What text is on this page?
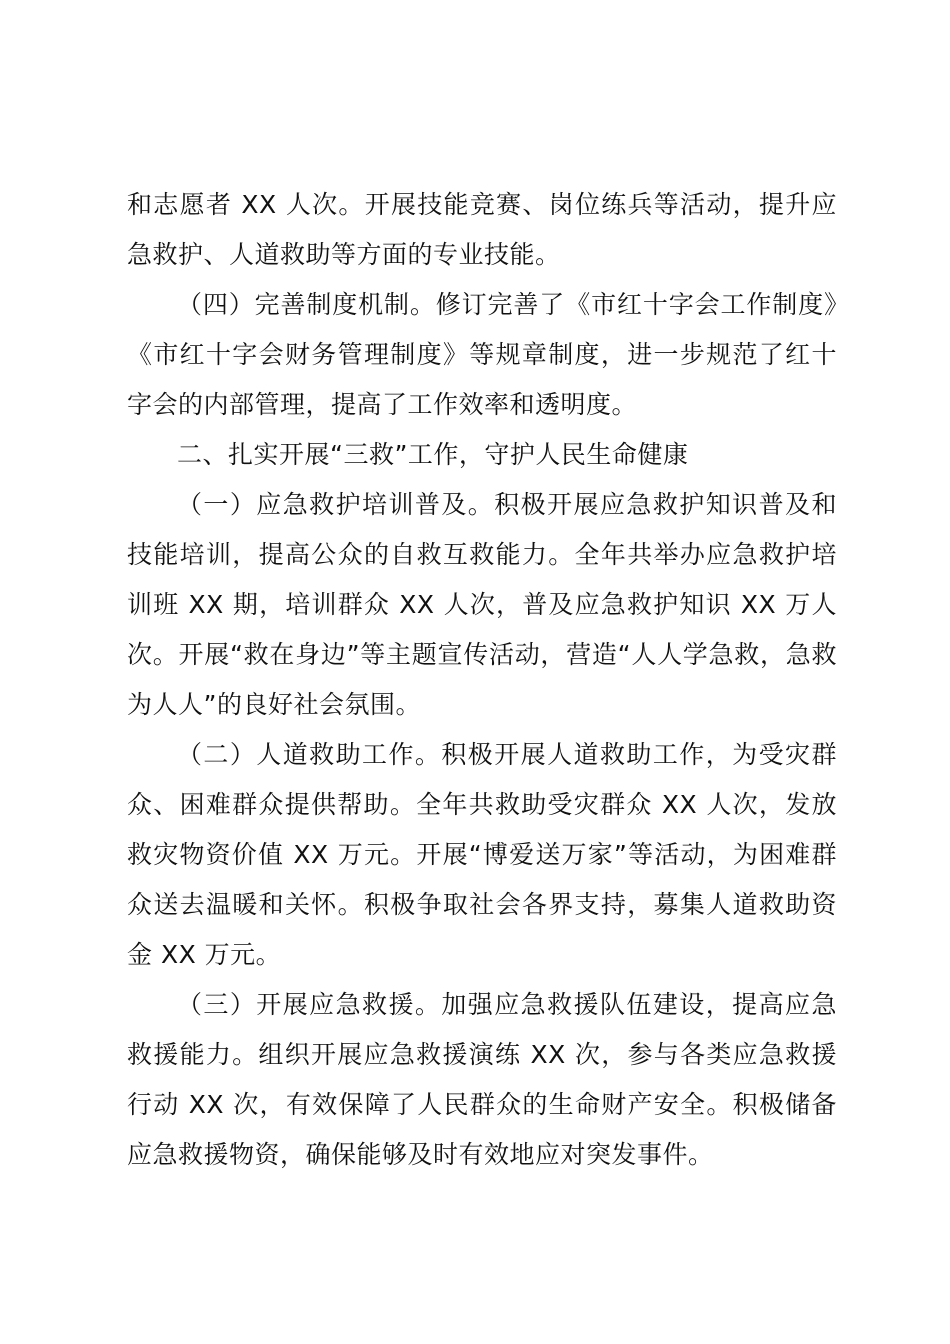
和志愿者 XX 人次。开展技能竞赛、岗位练兵等活动，提升应急救护、人道救助等方面的专业技能。

（四）完善制度机制。修订完善了《市红十字会工作制度》《市红十字会财务管理制度》等规章制度，进一步规范了红十字会的内部管理，提高了工作效率和透明度。

二、扎实开展“三救”工作，守护人民生命健康

（一）应急救护培训普及。积极开展应急救护知识普及和技能培训，提高公众的自救互救能力。全年共举办应急救护培训班 XX 期，培训群众 XX 人次，普及应急救护知识 XX 万人次。开展“救在身边”等主题宣传活动，营造“人人学急救，急救为人人”的良好社会氛围。

（二）人道救助工作。积极开展人道救助工作，为受灾群众、困难群众提供帮助。全年共救助受灾群众 XX 人次，发放救灾物资价值 XX 万元。开展“博爱送万家”等活动，为困难群众送去温暖和关怀。积极争取社会各界支持，募集人道救助资金 XX 万元。

（三）开展应急救援。加强应急救援队伍建设，提高应急救援能力。组织开展应急救援演练 XX 次，参与各类应急救援行动 XX 次，有效保障了人民群众的生命财产安全。积极储备应急救援物资，确保能够及时有效地应对突发事件。
